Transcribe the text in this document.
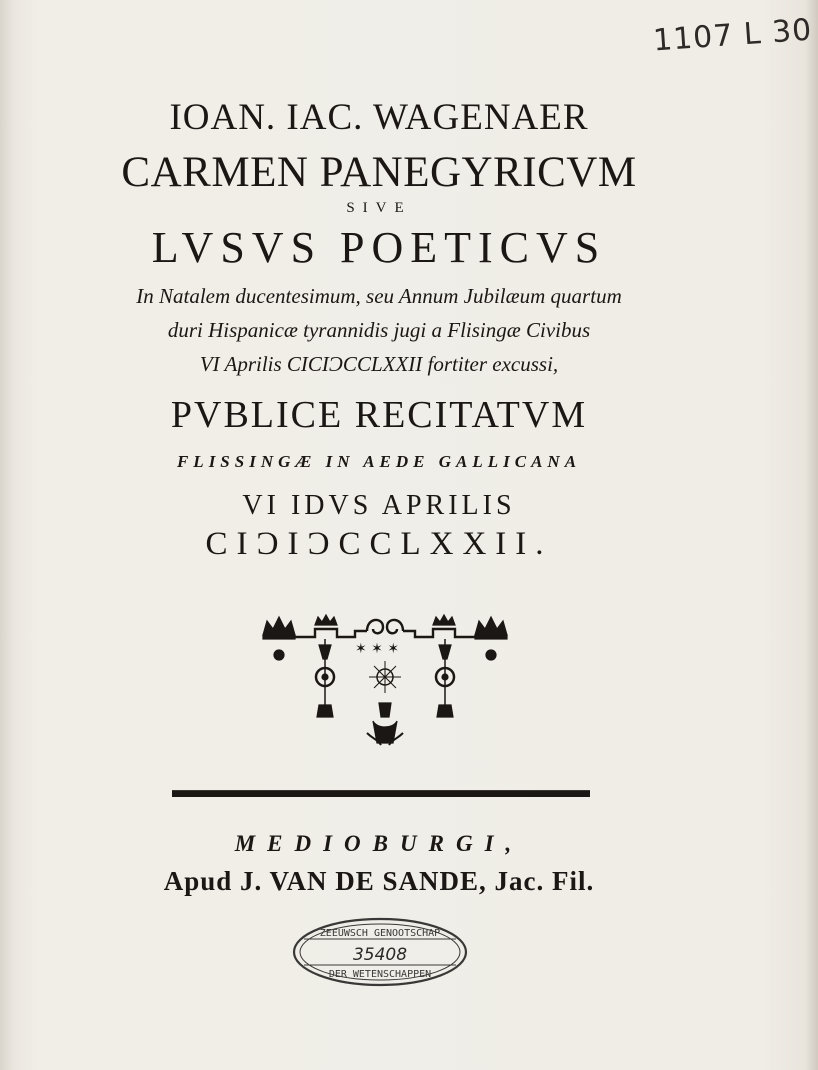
1107 L 30
IOAN. IAC. WAGENAER
CARMEN PANEGYRICVM
SIVE
LVSVS POETICVS
In Natalem ducentesimum, seu Annum Jubilæum quartum
duri Hispanicæ tyrannidis jugi a Flisingæ Civibus
VI Aprilis CICIƆCCLXXII fortiter excussi,
PVBLICE RECITATVM
FLISSINGÆ IN AEDE GALLICANA
VI IDVS APRILIS
CIƆIƆCCLXXII.
✶ ✶ ✶
MEDIOBURGI,
Apud J. VAN DE SANDE, Jac. Fil.
ZEEUWSCH GENOOTSCHAP
35408
DER WETENSCHAPPEN
